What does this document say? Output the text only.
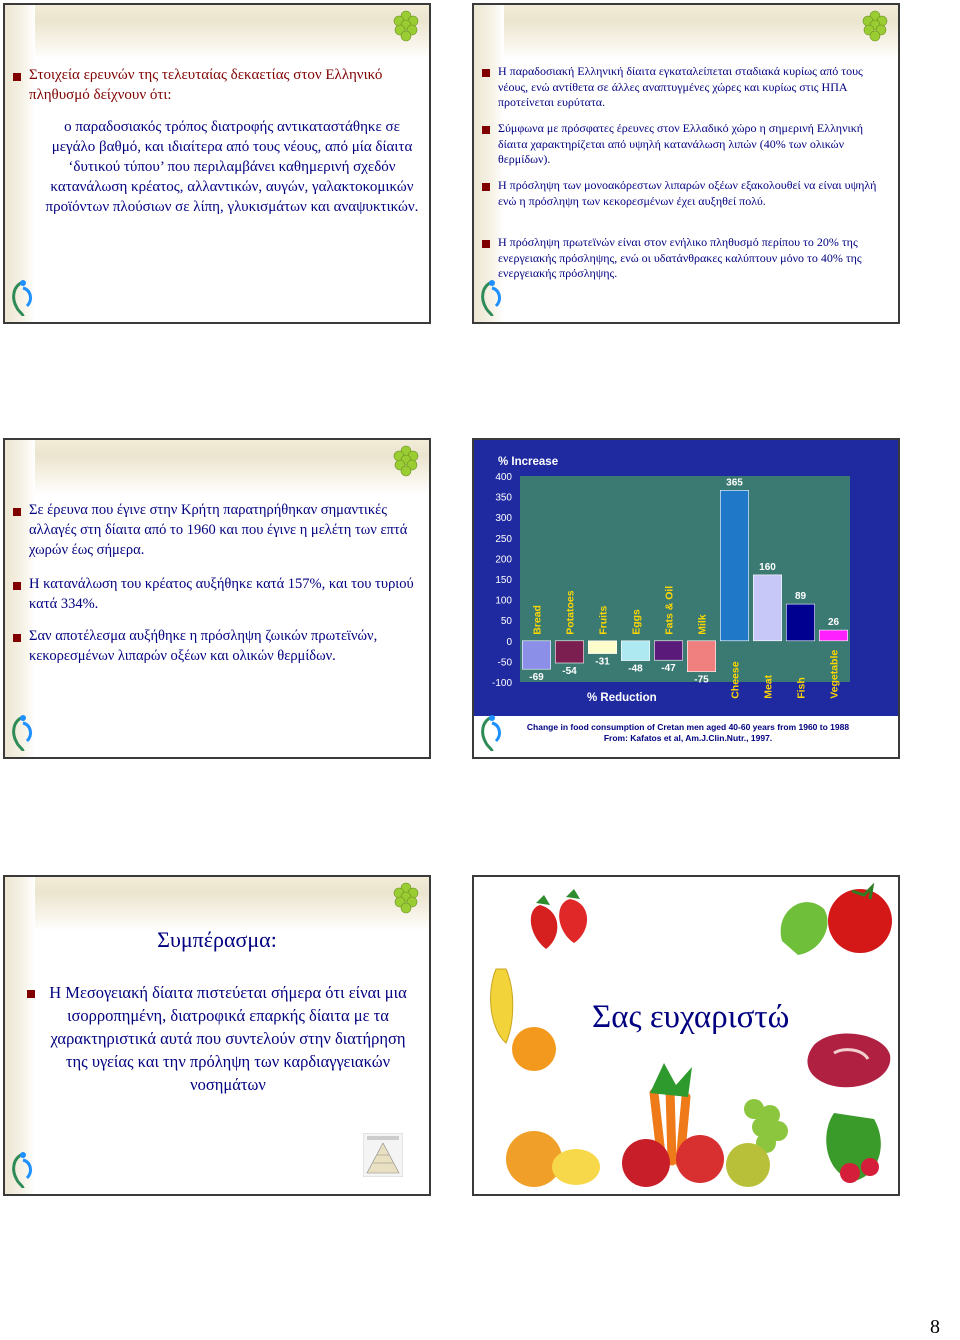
Στοιχεία ερευνών της τελευταίας δεκαετίας στον Ελληνικό πληθυσμό δείχνουν ότι:
ο παραδοσιακός τρόπος διατροφής αντικαταστάθηκε σε μεγάλο βαθμό, και ιδιαίτερα από τους νέους, από μία δίαιτα ‘δυτικού τύπου’ που περιλαμβάνει καθημερινή σχεδόν κατανάλωση κρέατος, αλλαντικών, αυγών, γαλακτοκομικών προϊόντων πλούσιων σε λίπη, γλυκισμάτων και αναψυκτικών.
Η παραδοσιακή Ελληνική δίαιτα εγκαταλείπεται σταδιακά κυρίως από τους νέους, ενώ αντίθετα σε άλλες αναπτυγμένες χώρες και κυρίως στις ΗΠΑ προτείνεται ευρύτατα.
Σύμφωνα με πρόσφατες έρευνες στον Ελλαδικό χώρο η σημερινή Ελληνική δίαιτα χαρακτηρίζεται από υψηλή κατανάλωση λιπών (40% των ολικών θερμίδων).
Η πρόσληψη των μονοακόρεστων λιπαρών οξέων εξακολουθεί να είναι υψηλή ενώ η πρόσληψη των κεκορεσμένων έχει αυξηθεί πολύ.
Η πρόσληψη πρωτεϊνών είναι στον ενήλικο πληθυσμό περίπου το 20% της ενεργειακής πρόσληψης, ενώ οι υδατάνθρακες καλύπτουν μόνο το 40% της ενεργειακής πρόσληψης.
Σε έρευνα που έγινε στην Κρήτη παρατηρήθηκαν σημαντικές αλλαγές στη δίαιτα από το 1960 και που έγινε η μελέτη των επτά χωρών έως σήμερα.
Η κατανάλωση του κρέατος αυξήθηκε κατά 157%, και του τυριού κατά 334%.
Σαν αποτέλεσμα αυξήθηκε η πρόσληψη ζωικών πρωτεϊνών, κεκορεσμένων λιπαρών οξέων και ολικών θερμίδων.
% Increase
% Reduction
-100
-50
0
50
100
150
200
250
300
350
400
-69
Bread
-54
Potatoes
-31
Fruits
-48
Eggs
-47
Fats & Oil
-75
Milk
365
Cheese
160
Meat
89
Fish
26
Vegetable
Change in food consumption of Cretan men aged 40-60 years from 1960 to 1988
From: Kafatos et al, Am.J.Clin.Nutr., 1997.
Συμπέρασμα:
Η Μεσογειακή δίαιτα πιστεύεται σήμερα ότι είναι μια ισορροπημένη, διατροφικά επαρκής δίαιτα με τα χαρακτηριστικά αυτά που συντελούν στην διατήρηση της υγείας και την πρόληψη των καρδιαγγειακών νοσημάτων
Σας ευχαριστώ
8
